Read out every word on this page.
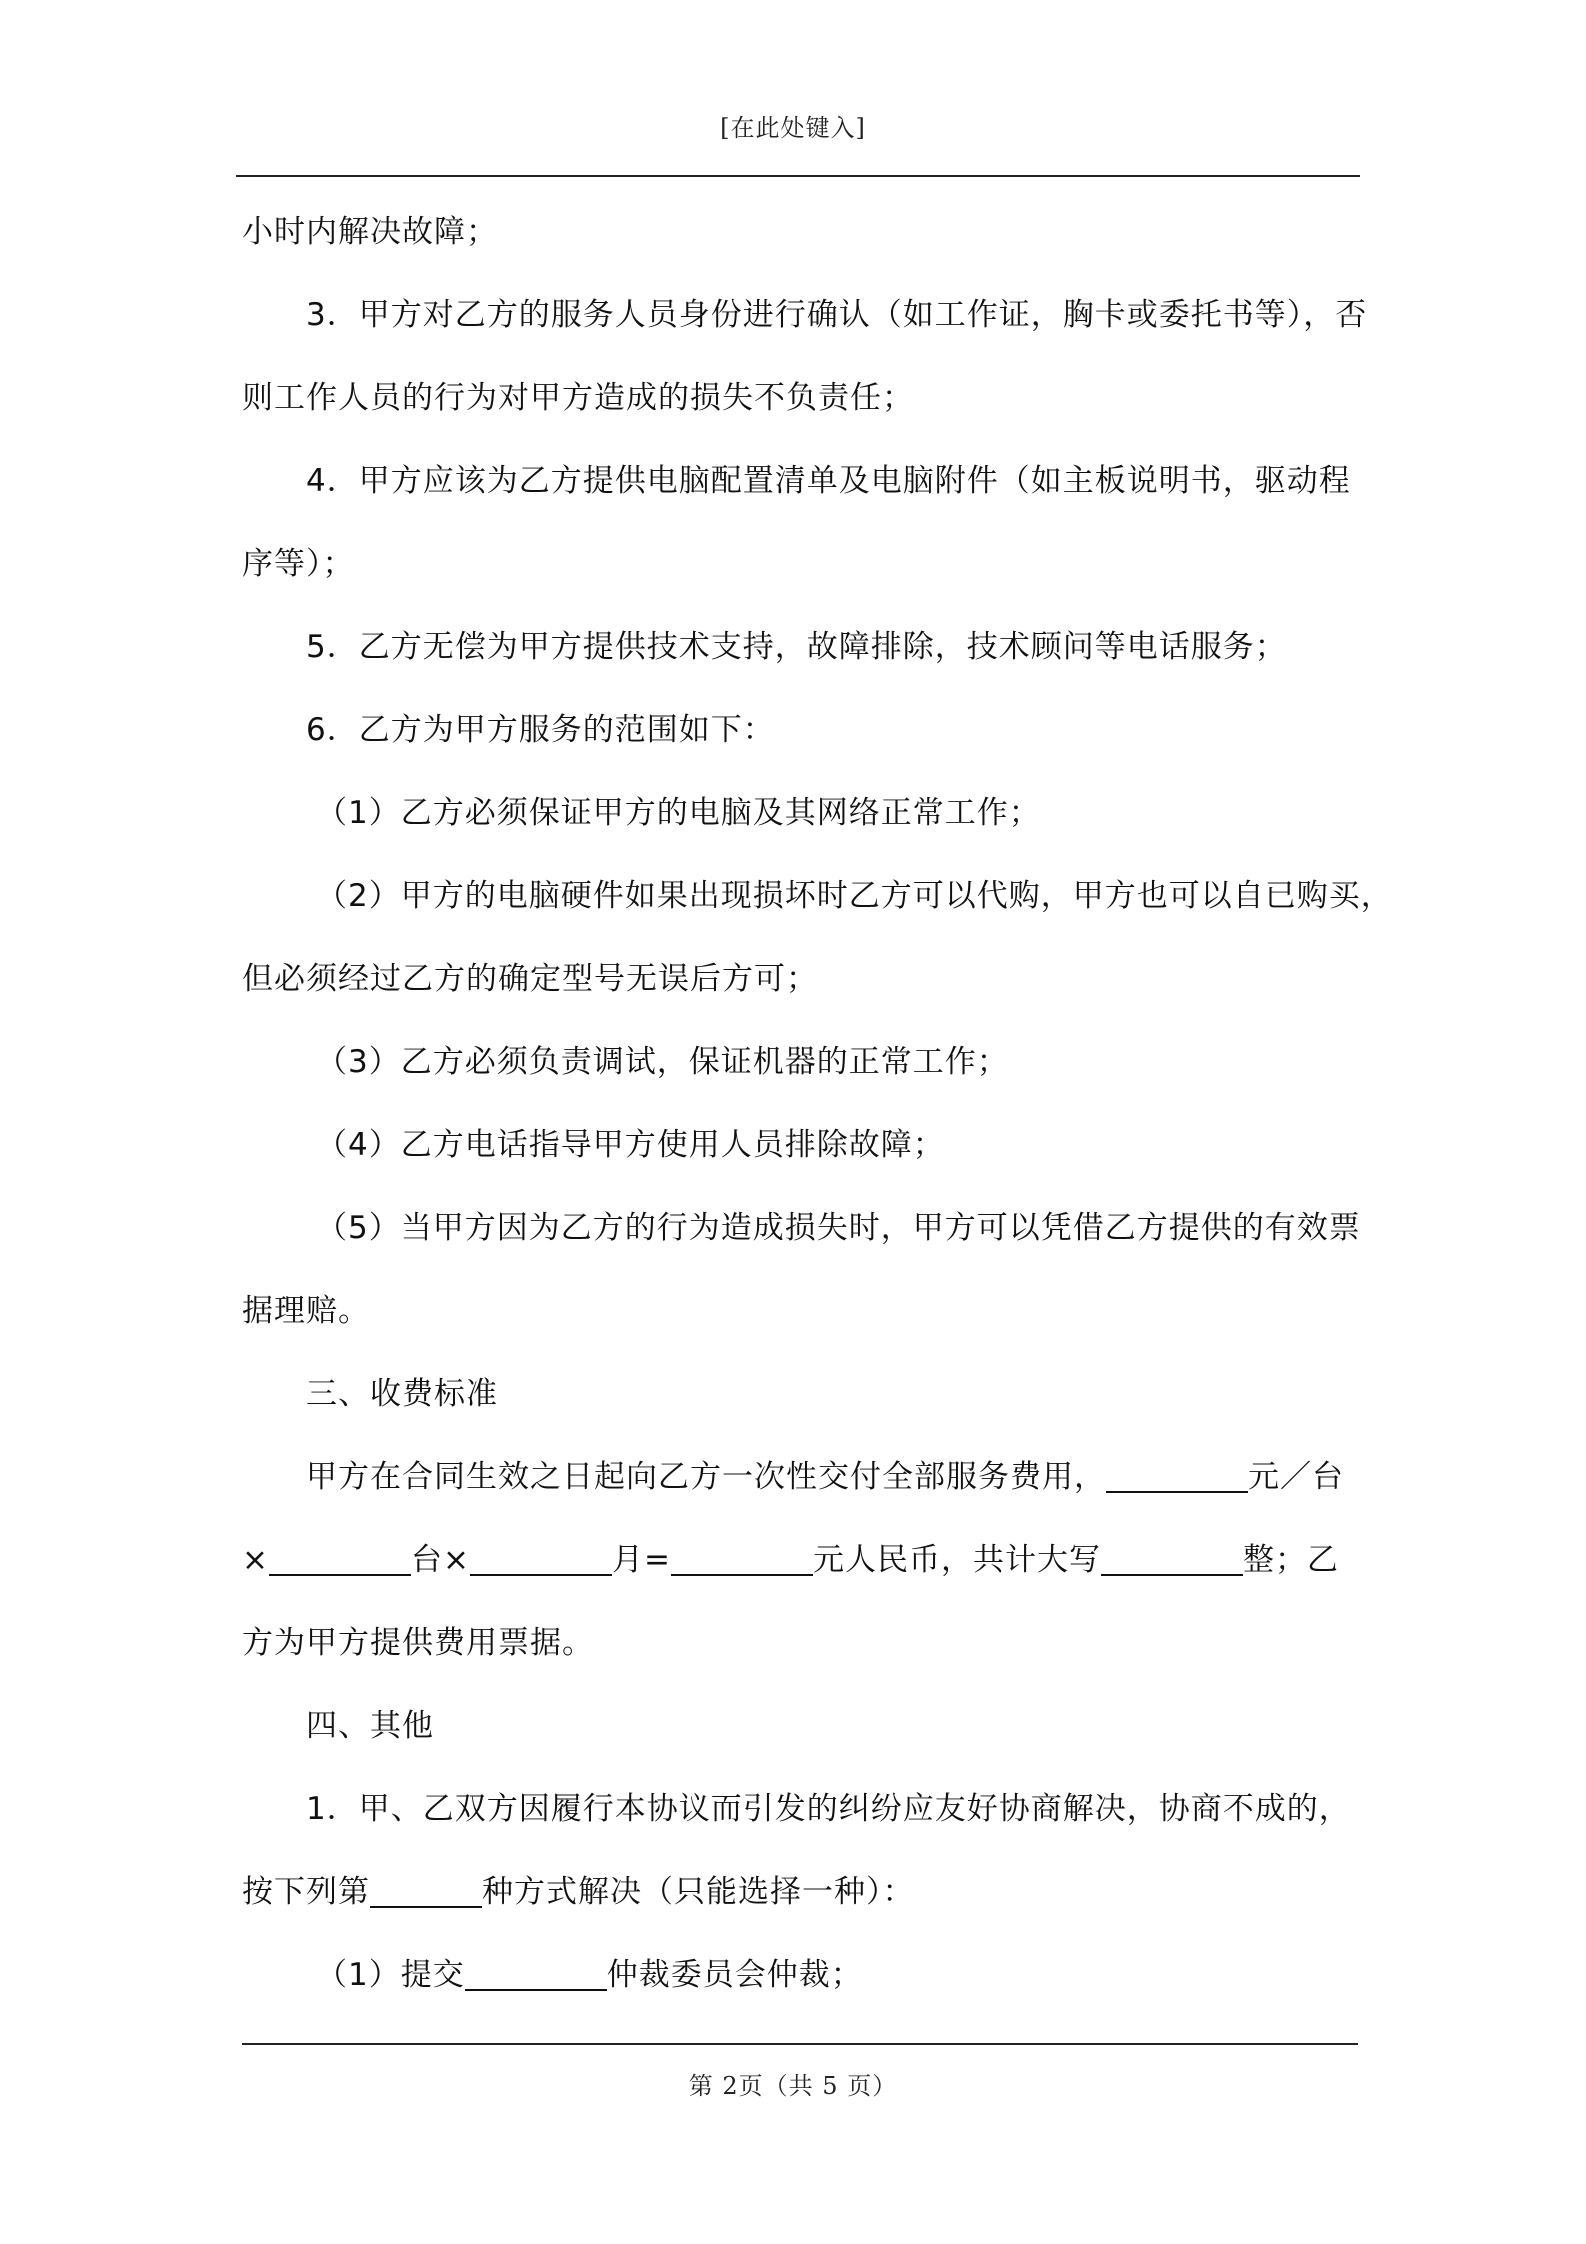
[在此处键入]
小时内解决故障；
3．甲方对乙方的服务人员身份进行确认（如工作证，胸卡或委托书等），否
则工作人员的行为对甲方造成的损失不负责任；
4．甲方应该为乙方提供电脑配置清单及电脑附件（如主板说明书，驱动程
序等）；
5．乙方无偿为甲方提供技术支持，故障排除，技术顾问等电话服务；
6．乙方为甲方服务的范围如下：
（1）乙方必须保证甲方的电脑及其网络正常工作；
（2）甲方的电脑硬件如果出现损坏时乙方可以代购，甲方也可以自已购买，
但必须经过乙方的确定型号无误后方可；
（3）乙方必须负责调试，保证机器的正常工作；
（4）乙方电话指导甲方使用人员排除故障；
（5）当甲方因为乙方的行为造成损失时，甲方可以凭借乙方提供的有效票
据理赔。
三、收费标准
甲方在合同生效之日起向乙方一次性交付全部服务费用，	元／台
×	台×	月=	元人民币，共计大写	整；乙
方为甲方提供费用票据。
四、其他
1．甲、乙双方因履行本协议而引发的纠纷应友好协商解决，协商不成的，
按下列第	种方式解决（只能选择一种）：
（1）提交	仲裁委员会仲裁；
第 2页（共 5 页）
